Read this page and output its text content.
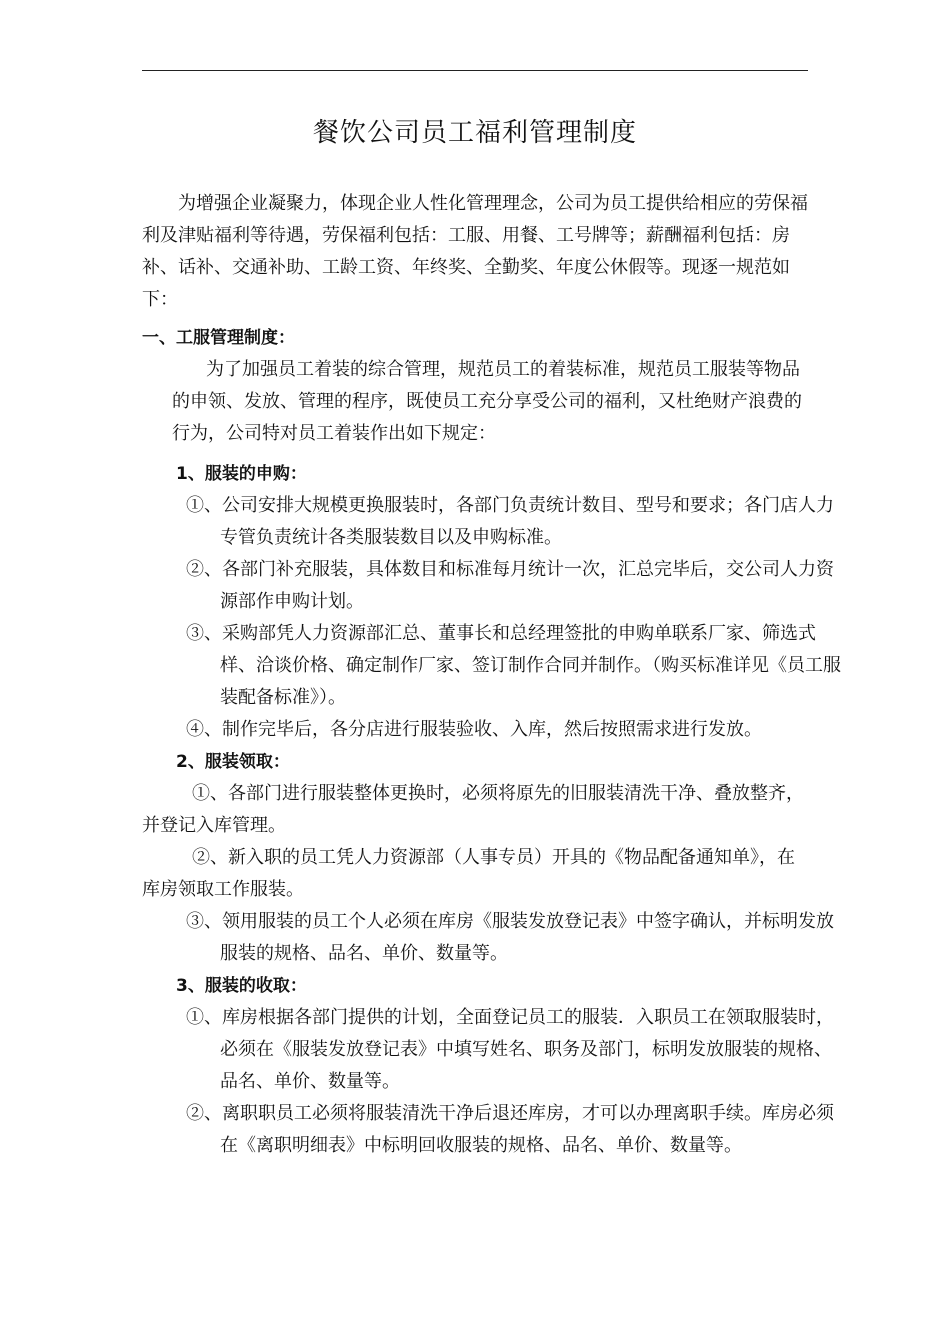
餐饮公司员工福利管理制度

为增强企业凝聚力，体现企业人性化管理理念，公司为员工提供给相应的劳保福利及津贴福利等待遇，劳保福利包括：工服、用餐、工号牌等；薪酬福利包括：房补、话补、交通补助、工龄工资、年终奖、全勤奖、年度公休假等。现逐一规范如下：

一、工服管理制度：

为了加强员工着装的综合管理，规范员工的着装标准，规范员工服装等物品的申领、发放、管理的程序，既使员工充分享受公司的福利，又杜绝财产浪费的行为，公司特对员工着装作出如下规定：

1、服装的申购：

①、公司安排大规模更换服装时，各部门负责统计数目、型号和要求；各门店人力专管负责统计各类服装数目以及申购标准。

②、各部门补充服装，具体数目和标准每月统计一次，汇总完毕后，交公司人力资源部作申购计划。

③、采购部凭人力资源部汇总、董事长和总经理签批的申购单联系厂家、筛选式样、洽谈价格、确定制作厂家、签订制作合同并制作。（购买标准详见《员工服装配备标准》）。

④、制作完毕后，各分店进行服装验收、入库，然后按照需求进行发放。

2、服装领取：

①、各部门进行服装整体更换时，必须将原先的旧服装清洗干净、叠放整齐，并登记入库管理。

②、新入职的员工凭人力资源部（人事专员）开具的《物品配备通知单》，在库房领取工作服装。

③、领用服装的员工个人必须在库房《服装发放登记表》中签字确认，并标明发放服装的规格、品名、单价、数量等。

3、服装的收取：

①、库房根据各部门提供的计划，全面登记员工的服装．入职员工在领取服装时，必须在《服装发放登记表》中填写姓名、职务及部门，标明发放服装的规格、品名、单价、数量等。

②、离职职员工必须将服装清洗干净后退还库房，才可以办理离职手续。库房必须在《离职明细表》中标明回收服装的规格、品名、单价、数量等。
